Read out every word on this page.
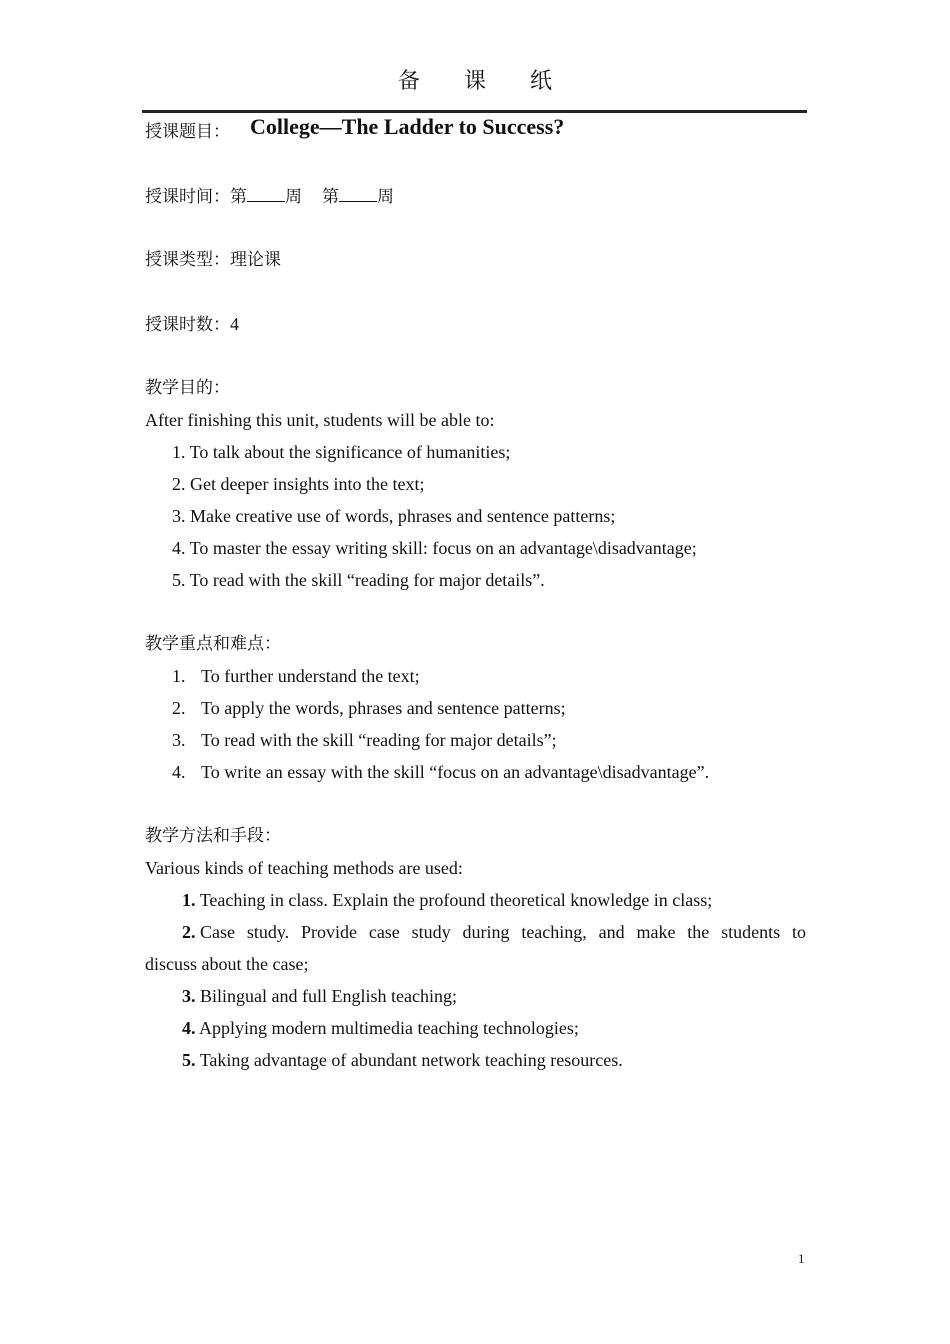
备课纸
授课题目： College—The Ladder to Success?
授课时间：第 周 第 周
授课类型：理论课
授课时数：4
教学目的：
After finishing this unit, students will be able to:
1. To talk about the significance of humanities;
2. Get deeper insights into the text;
3. Make creative use of words, phrases and sentence patterns;
4. To master the essay writing skill: focus on an advantage\disadvantage;
5. To read with the skill “reading for major details”.
教学重点和难点：
1. To further understand the text;
2. To apply the words, phrases and sentence patterns;
3. To read with the skill “reading for major details”;
4. To write an essay with the skill “focus on an advantage\disadvantage”.
教学方法和手段：
Various kinds of teaching methods are used:
1. Teaching in class. Explain the profound theoretical knowledge in class;
2. Case study. Provide case study during teaching, and make the students to
discuss about the case;
3. Bilingual and full English teaching;
4. Applying modern multimedia teaching technologies;
5. Taking advantage of abundant network teaching resources.
1
